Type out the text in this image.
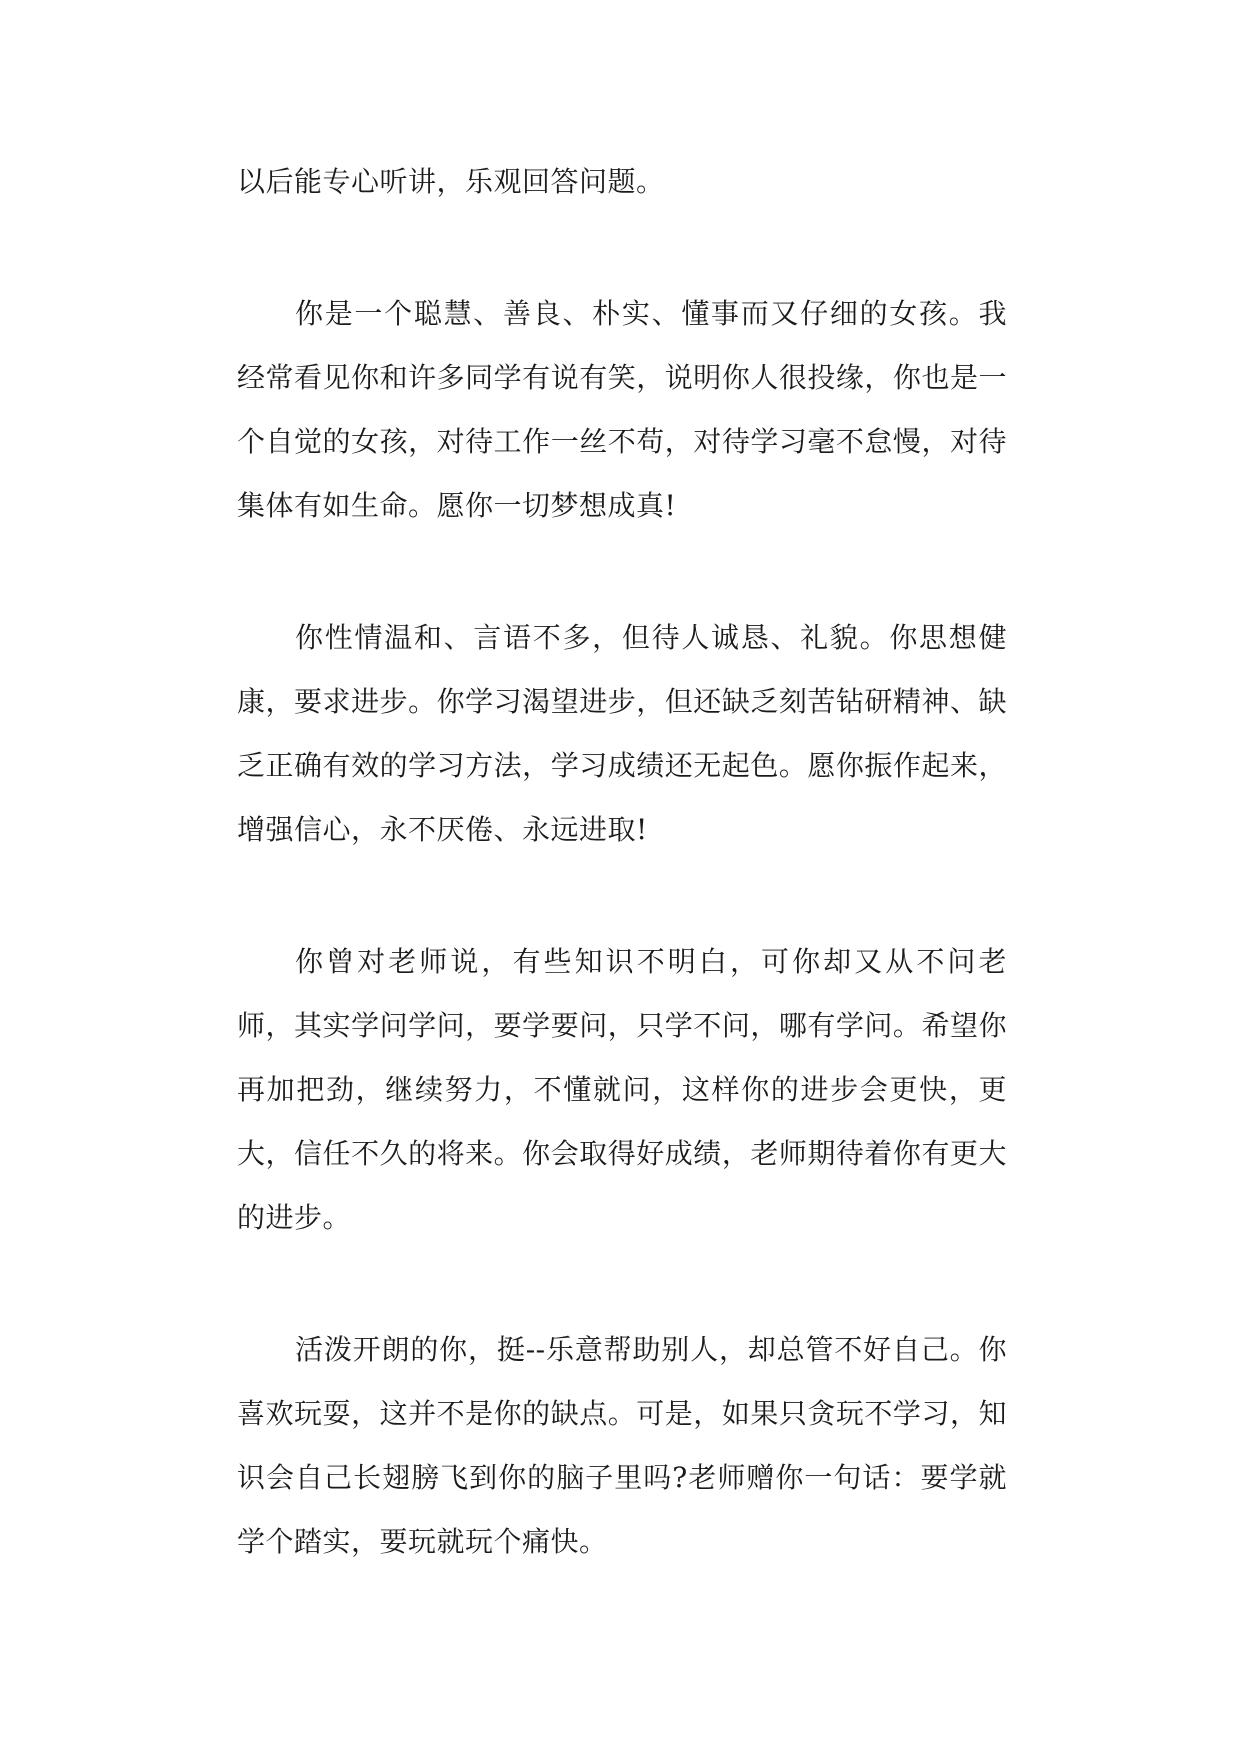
以后能专心听讲，乐观回答问题。

你是一个聪慧、善良、朴实、懂事而又仔细的女孩。我经常看见你和许多同学有说有笑，说明你人很投缘，你也是一个自觉的女孩，对待工作一丝不苟，对待学习毫不怠慢，对待集体有如生命。愿你一切梦想成真!

你性情温和、言语不多，但待人诚恳、礼貌。你思想健康，要求进步。你学习渴望进步，但还缺乏刻苦钻研精神、缺乏正确有效的学习方法，学习成绩还无起色。愿你振作起来，增强信心，永不厌倦、永远进取!

你曾对老师说，有些知识不明白，可你却又从不问老师，其实学问学问，要学要问，只学不问，哪有学问。希望你再加把劲，继续努力，不懂就问，这样你的进步会更快，更大，信任不久的将来。你会取得好成绩，老师期待着你有更大的进步。

活泼开朗的你，挺--乐意帮助别人，却总管不好自己。你喜欢玩耍，这并不是你的缺点。可是，如果只贪玩不学习，知识会自己长翅膀飞到你的脑子里吗?老师赠你一句话：要学就学个踏实，要玩就玩个痛快。
